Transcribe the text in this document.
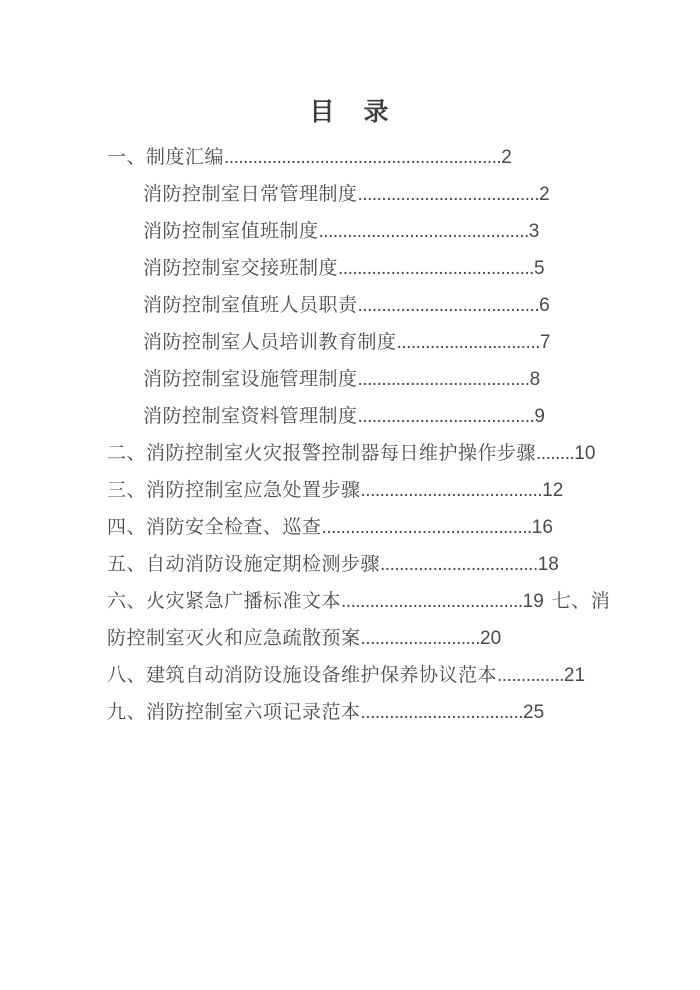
目　录
一、制度汇编..........................................................2
消防控制室日常管理制度......................................2
消防控制室值班制度............................................3
消防控制室交接班制度.........................................5
消防控制室值班人员职责......................................6
消防控制室人员培训教育制度..............................7
消防控制室设施管理制度....................................8
消防控制室资料管理制度.....................................9
二、消防控制室火灾报警控制器每日维护操作步骤........10
三、消防控制室应急处置步骤......................................12
四、消防安全检查、巡查............................................16
五、自动消防设施定期检测步骤.................................18
六、火灾紧急广播标准文本......................................19 七、消
防控制室灭火和应急疏散预案.........................20
八、建筑自动消防设施设备维护保养协议范本..............21
九、消防控制室六项记录范本..................................25
